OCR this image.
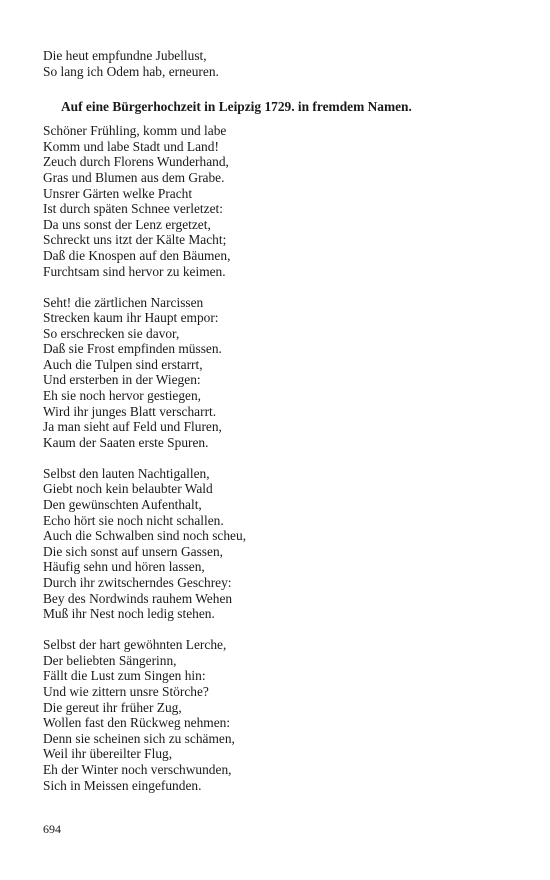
Die heut empfundne Jubellust,
So lang ich Odem hab, erneuren.
Auf eine Bürgerhochzeit in Leipzig 1729. in fremdem Namen.
Schöner Frühling, komm und labe
Komm und labe Stadt und Land!
Zeuch durch Florens Wunderhand,
Gras und Blumen aus dem Grabe.
Unsrer Gärten welke Pracht
Ist durch späten Schnee verletzet:
Da uns sonst der Lenz ergetzet,
Schreckt uns itzt der Kälte Macht;
Daß die Knospen auf den Bäumen,
Furchtsam sind hervor zu keimen.
Seht! die zärtlichen Narcissen
Strecken kaum ihr Haupt empor:
So erschrecken sie davor,
Daß sie Frost empfinden müssen.
Auch die Tulpen sind erstarrt,
Und ersterben in der Wiegen:
Eh sie noch hervor gestiegen,
Wird ihr junges Blatt verscharrt.
Ja man sieht auf Feld und Fluren,
Kaum der Saaten erste Spuren.
Selbst den lauten Nachtigallen,
Giebt noch kein belaubter Wald
Den gewünschten Aufenthalt,
Echo hört sie noch nicht schallen.
Auch die Schwalben sind noch scheu,
Die sich sonst auf unsern Gassen,
Häufig sehn und hören lassen,
Durch ihr zwitscherndes Geschrey:
Bey des Nordwinds rauhem Wehen
Muß ihr Nest noch ledig stehen.
Selbst der hart gewöhnten Lerche,
Der beliebten Sängerinn,
Fällt die Lust zum Singen hin:
Und wie zittern unsre Störche?
Die gereut ihr früher Zug,
Wollen fast den Rückweg nehmen:
Denn sie scheinen sich zu schämen,
Weil ihr übereilter Flug,
Eh der Winter noch verschwunden,
Sich in Meissen eingefunden.
694
